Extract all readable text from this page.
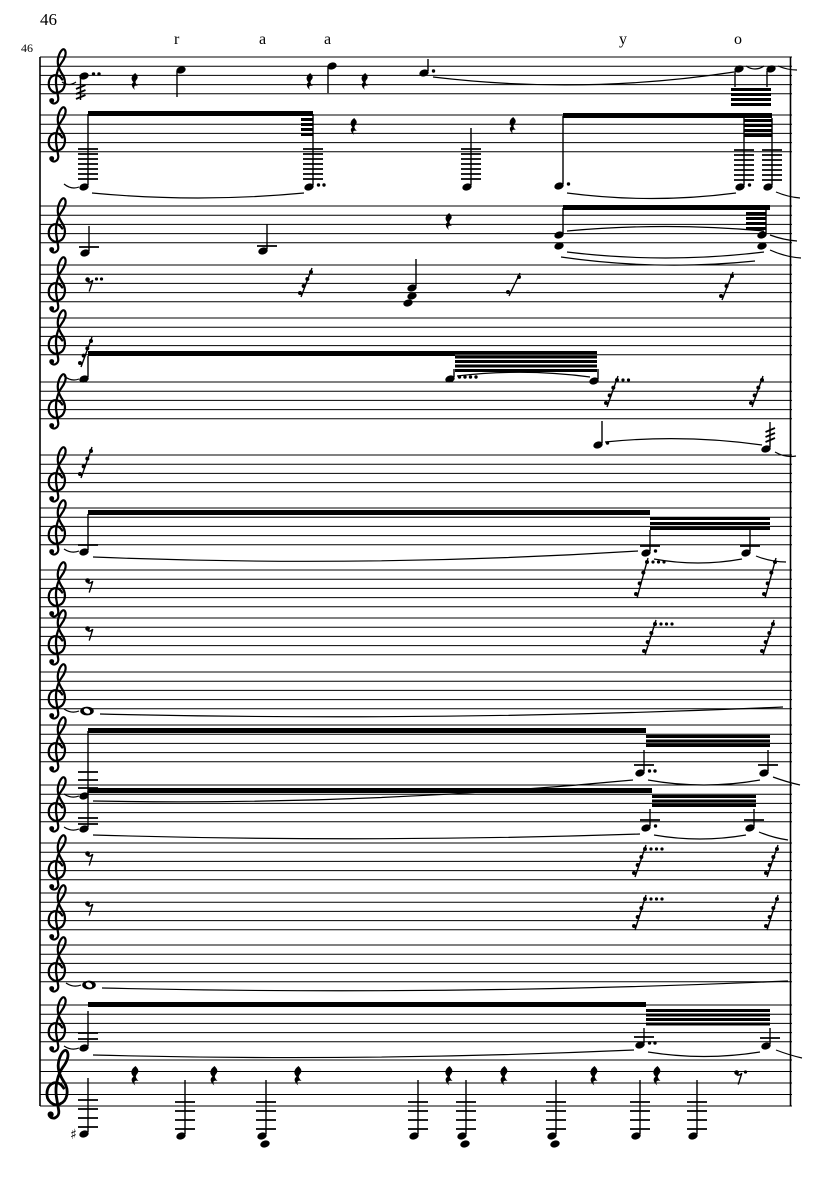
46
46	r	a	a	y	o
♯
